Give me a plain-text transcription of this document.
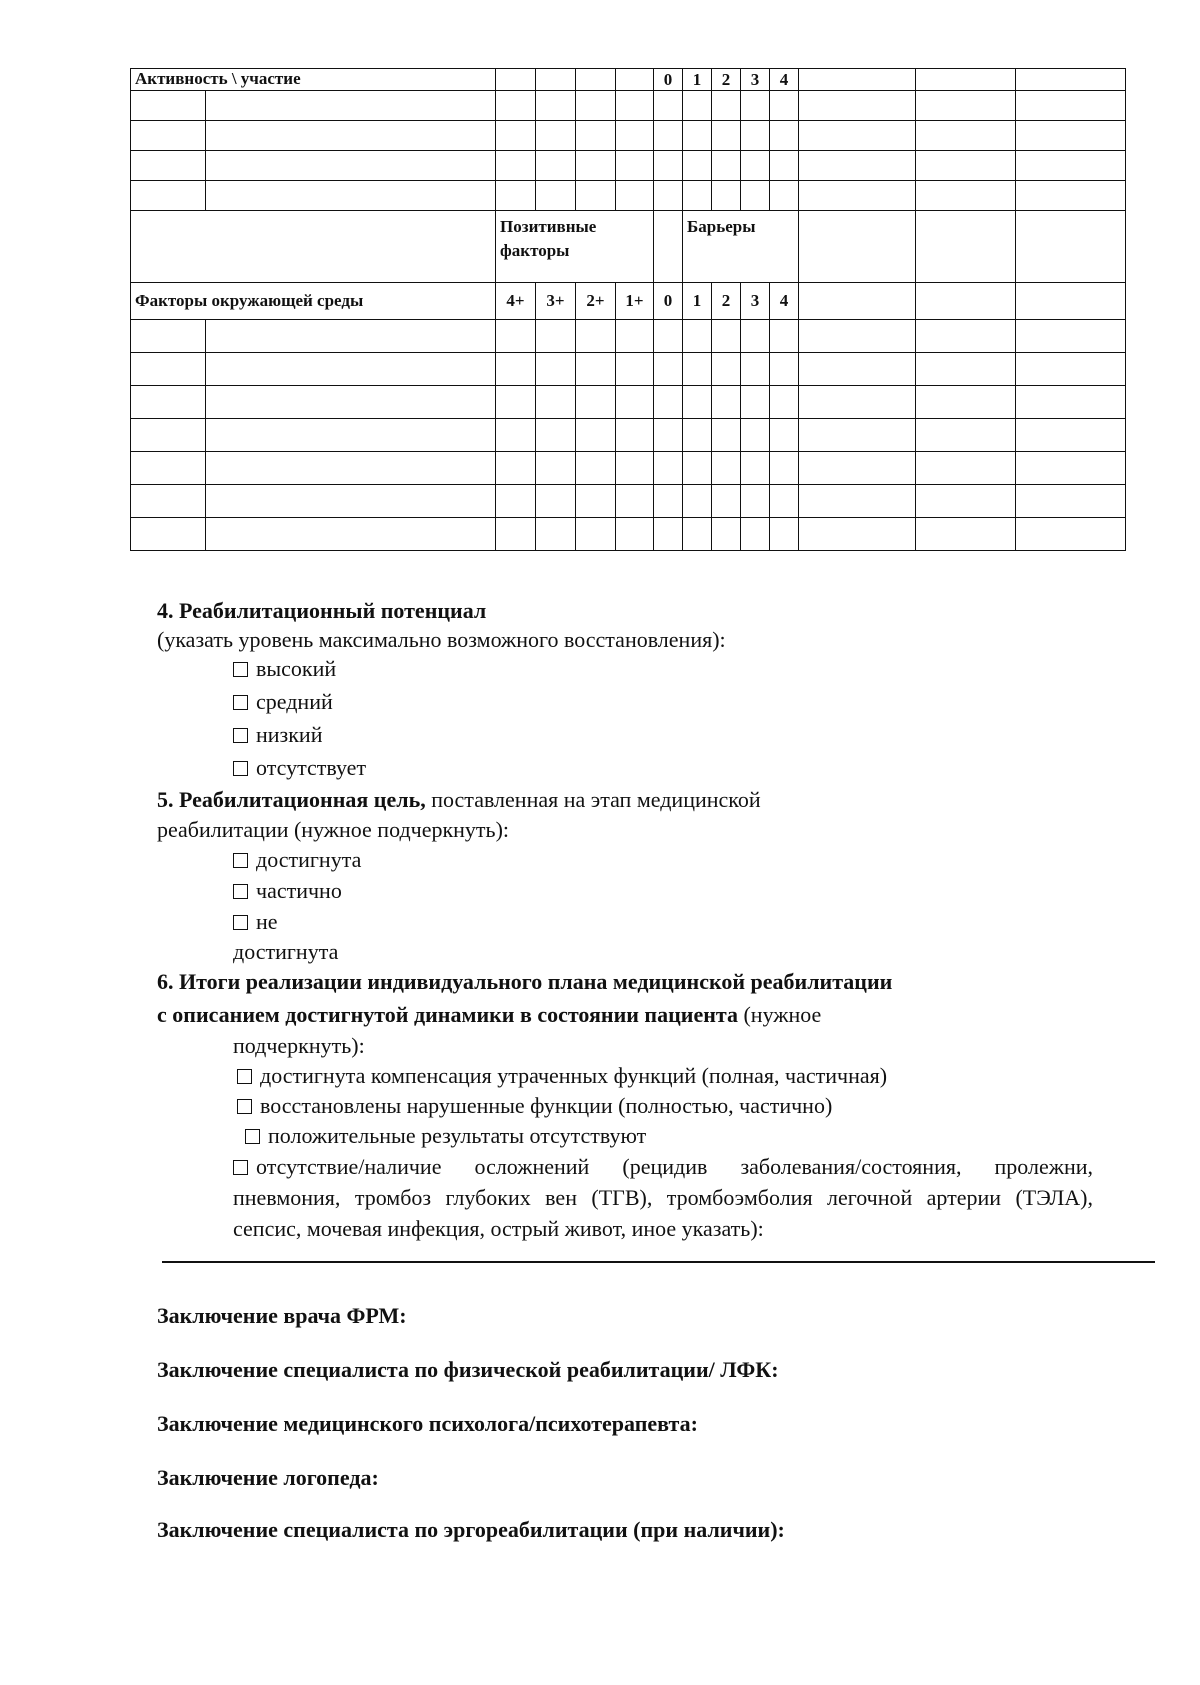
Активность \ участие						0	1	2	3	4			

		Позитивные факторы					Барьеры						
Факторы окружающей среды		4+	3+	2+	1+	0	1	2	3	4			

4. Реабилитационный потенциал
(указать уровень максимально возможного восстановления):
высокий
средний
низкий
отсутствует
5. Реабилитационная цель, поставленная на этап медицинской
реабилитации (нужное подчеркнуть):
достигнута
частично
не
достигнута
6. Итоги реализации индивидуального плана медицинской реабилитации
с описанием достигнутой динамики в состоянии пациента (нужное
подчеркнуть):
достигнута компенсация утраченных функций (полная, частичная)
восстановлены нарушенные функции (полностью, частично)
положительные результаты отсутствуют
отсутствие/наличие осложнений (рецидив заболевания/состояния, пролежни, пневмония, тромбоз глубоких вен (ТГВ), тромбоэмболия легочной артерии (ТЭЛА), сепсис, мочевая инфекция, острый живот, иное указать):
Заключение врача ФРМ:
Заключение специалиста по физической реабилитации/ ЛФК:
Заключение медицинского психолога/психотерапевта:
Заключение логопеда:
Заключение специалиста по эргореабилитации (при наличии):
